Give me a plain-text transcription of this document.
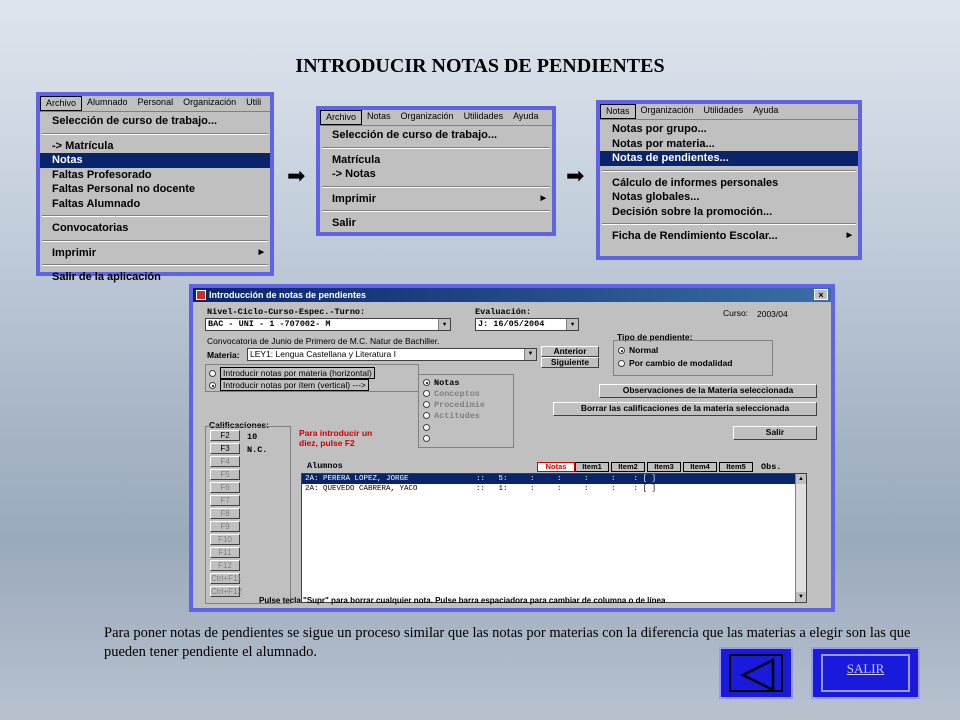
INTRODUCIR NOTAS DE PENDIENTES
Archivo	Alumnado	Personal	Organización	Utili
Selección de curso de trabajo...
-> Matrícula
Notas
Faltas Profesorado
Faltas Personal no docente
Faltas Alumnado
Convocatorias
Imprimir	▶
Salir de la aplicación
➡
Archivo	Notas	Organización	Utilidades	Ayuda
Selección de curso de trabajo...
Matrícula
-> Notas
Imprimir	▶
Salir
➡
Notas	Organización	Utilidades	Ayuda
Notas por grupo...
Notas por materia...
Notas de pendientes...
Cálculo de informes personales
Notas globales...
Decisión sobre la promoción...
Ficha de Rendimiento Escolar...	▶
Introducción de notas de pendientes	×
Nivel-Ciclo-Curso-Espec.-Turno:
BAC - UNI - 1 -707002- M	▼
Evaluación:
J: 16/05/2004	▼
Curso: 2003/04
Convocatoria de Junio de Primero de M.C. Natur de Bachiller.
Materia:	LEY1: Lengua Castellana y Literatura I	▼	Anterior
Siguiente
Tipo de pendiente:
Normal
Por cambio de modalidad
Introducir notas por materia (horizontal)
Introducir notas por ítem (vertical) --->	Notas
Conceptos
Procedimie
Actitudes
Observaciones de la Materia seleccionada
Borrar las calificaciones de la materia seleccionada
Salir
Calificaciones:
F2
F3
F4
F5
F6
F7
F8
F9
F10
F11
F12
Ctrl+F11
Ctrl+F12
10
N.C.
Para introducir un diez, pulse F2
Alumnos	Notas	Item1	Item2	Item3	Item4	Item5	Obs.
2A: PERERA LOPEZ, JORGE               ::   5:     :     :     :     :    : [ ]
2A: QUEVEDO CABRERA, YACO             ::   1:     :     :     :     :    : [ ]
▲
▼
Pulse tecla "Supr" para borrar cualquier nota. Pulse barra espaciadora para cambiar de columna o de línea
Para poner notas de pendientes se sigue un proceso similar que las notas por materias con la diferencia que las materias a elegir son las que pueden tener pendiente el alumnado.
SALIR
